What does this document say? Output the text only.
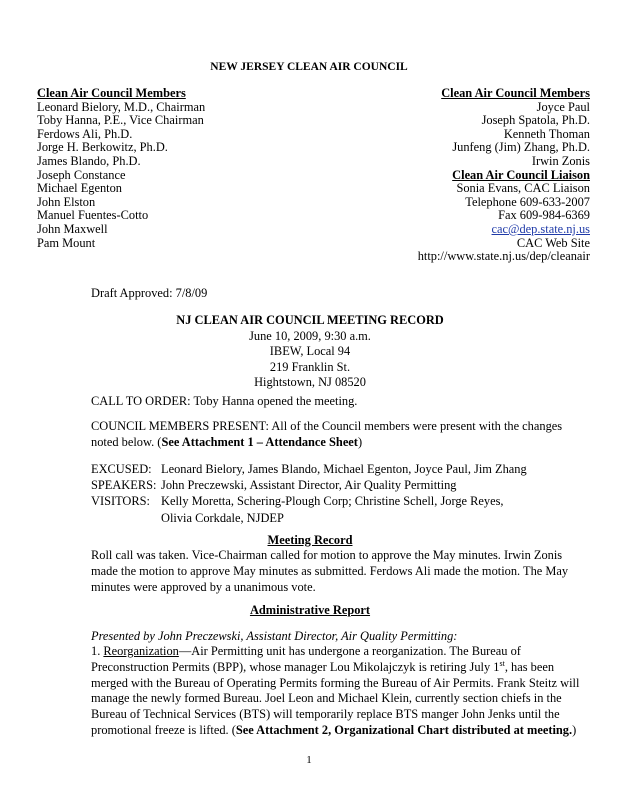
NEW JERSEY CLEAN AIR COUNCIL
Clean Air Council Members
Leonard Bielory, M.D., Chairman
Toby Hanna, P.E., Vice Chairman
Ferdows Ali, Ph.D.
Jorge H. Berkowitz, Ph.D.
James Blando, Ph.D.
Joseph Constance
Michael Egenton
John Elston
Manuel Fuentes-Cotto
John Maxwell
Pam Mount
Clean Air Council Members
Joyce Paul
Joseph Spatola, Ph.D.
Kenneth Thoman
Junfeng (Jim) Zhang, Ph.D.
Irwin Zonis
Clean Air Council Liaison
Sonia Evans, CAC Liaison
Telephone 609-633-2007
Fax 609-984-6369
cac@dep.state.nj.us
CAC Web Site
http://www.state.nj.us/dep/cleanair
Draft Approved: 7/8/09
NJ CLEAN AIR COUNCIL MEETING RECORD
June 10, 2009, 9:30 a.m.
IBEW, Local 94
219 Franklin St.
Hightstown, NJ 08520
CALL TO ORDER: Toby Hanna opened the meeting.
COUNCIL MEMBERS PRESENT: All of the Council members were present with the changes noted below. (See Attachment 1 – Attendance Sheet)
EXCUSED: Leonard Bielory, James Blando, Michael Egenton, Joyce Paul, Jim Zhang
SPEAKERS: John Preczewski, Assistant Director, Air Quality Permitting
VISITORS: Kelly Moretta, Schering-Plough Corp; Christine Schell, Jorge Reyes,
Olivia Corkdale, NJDEP
Meeting Record
Roll call was taken. Vice-Chairman called for motion to approve the May minutes. Irwin Zonis made the motion to approve May minutes as submitted. Ferdows Ali made the motion. The May minutes were approved by a unanimous vote.
Administrative Report
Presented by John Preczewski, Assistant Director, Air Quality Permitting:
1. Reorganization—Air Permitting unit has undergone a reorganization. The Bureau of Preconstruction Permits (BPP), whose manager Lou Mikolajczyk is retiring July 1st, has been merged with the Bureau of Operating Permits forming the Bureau of Air Permits. Frank Steitz will manage the newly formed Bureau. Joel Leon and Michael Klein, currently section chiefs in the Bureau of Technical Services (BTS) will temporarily replace BTS manger John Jenks until the promotional freeze is lifted. (See Attachment 2, Organizational Chart distributed at meeting.)
1
